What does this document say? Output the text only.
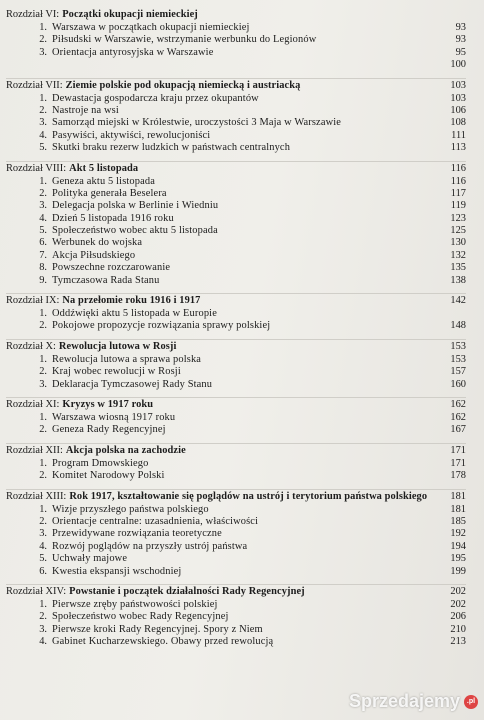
Rozdział VI: Początki okupacji niemieckiej
1. Warszawa w początkach okupacji niemieckiej	93
2. Piłsudski w Warszawie, wstrzymanie werbunku do Legionów	93
3. Orientacja antyrosyjska w Warszawie	95
100
Rozdział VII: Ziemie polskie pod okupacją niemiecką i austriacką	103
1. Dewastacja gospodarcza kraju przez okupantów	103
2. Nastroje na wsi	106
3. Samorząd miejski w Królestwie, uroczystości 3 Maja w Warszawie	108
4. Pasywiści, aktywiści, rewolucjoniści	111
5. Skutki braku rezerw ludzkich w państwach centralnych	113
Rozdział VIII: Akt 5 listopada	116
1. Geneza aktu 5 listopada	116
2. Polityka generała Beselera	117
3. Delegacja polska w Berlinie i Wiedniu	119
4. Dzień 5 listopada 1916 roku	123
5. Społeczeństwo wobec aktu 5 listopada	125
6. Werbunek do wojska	130
7. Akcja Piłsudskiego	132
8. Powszechne rozczarowanie	135
9. Tymczasowa Rada Stanu	138
Rozdział IX: Na przełomie roku 1916 i 1917	142
1. Oddźwięki aktu 5 listopada w Europie
2. Pokojowe propozycje rozwiązania sprawy polskiej	148
Rozdział X: Rewolucja lutowa w Rosji	153
1. Rewolucja lutowa a sprawa polska	153
2. Kraj wobec rewolucji w Rosji	157
3. Deklaracja Tymczasowej Rady Stanu	160
Rozdział XI: Kryzys w 1917 roku	162
1. Warszawa wiosną 1917 roku	162
2. Geneza Rady Regencyjnej	167
Rozdział XII: Akcja polska na zachodzie	171
1. Program Dmowskiego	171
2. Komitet Narodowy Polski	178
Rozdział XIII: Rok 1917, kształtowanie się poglądów na ustrój i terytorium państwa polskiego	181
1. Wizje przyszłego państwa polskiego	181
2. Orientacje centralne: uzasadnienia, właściwości	185
3. Przewidywane rozwiązania teoretyczne	192
4. Rozwój poglądów na przyszły ustrój państwa	194
5. Uchwały majowe	195
6. Kwestia ekspansji wschodniej	199
Rozdział XIV: Powstanie i początek działalności Rady Regencyjnej	202
1. Pierwsze zręby państwowości polskiej	202
2. Społeczeństwo wobec Rady Regencyjnej	206
3. Pierwsze kroki Rady Regencyjnej. Spory z Niem	210
4. Gabinet Kucharzewskiego. Obawy przed rewolucją	213
Sprzedajemy .pl
